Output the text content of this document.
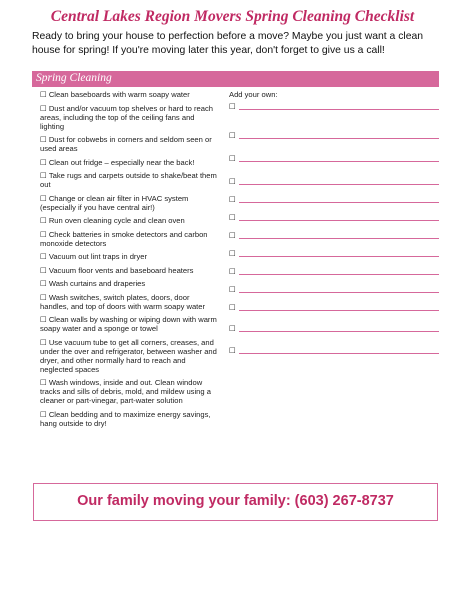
Central Lakes Region Movers Spring Cleaning Checklist
Ready to bring your house to perfection before a move? Maybe you just want a clean house for spring! If you're moving later this year, don't forget to give us a call!
Spring Cleaning
☐ Clean baseboards with warm soapy water
☐ Dust and/or vacuum top shelves or hard to reach areas, including the top of the ceiling fans and lighting
☐ Dust for cobwebs in corners and seldom seen or used areas
☐ Clean out fridge – especially near the back!
☐ Take rugs and carpets outside to shake/beat them out
☐ Change or clean air filter in HVAC system (especially if you have central air!)
☐ Run oven cleaning cycle and clean oven
☐ Check batteries in smoke detectors and carbon monoxide detectors
☐ Vacuum out lint traps in dryer
☐ Vacuum floor vents and baseboard heaters
☐ Wash curtains and draperies
☐ Wash switches, switch plates, doors, door handles, and top of doors with warm soapy water
☐ Clean walls by washing or wiping down with warm soapy water and a sponge or towel
☐ Use vacuum tube to get all corners, creases, and under the over and refrigerator, between washer and dryer, and other normally hard to reach and neglected spaces
☐ Wash windows, inside and out. Clean window tracks and sills of debris, mold, and mildew using a cleaner or part-vinegar, part-water solution
☐ Clean bedding and to maximize energy savings, hang outside to dry!
Add your own:
☐
☐
☐
☐
☐
☐
☐
☐
☐
☐
☐
☐
☐
Our family moving your family: (603) 267-8737
